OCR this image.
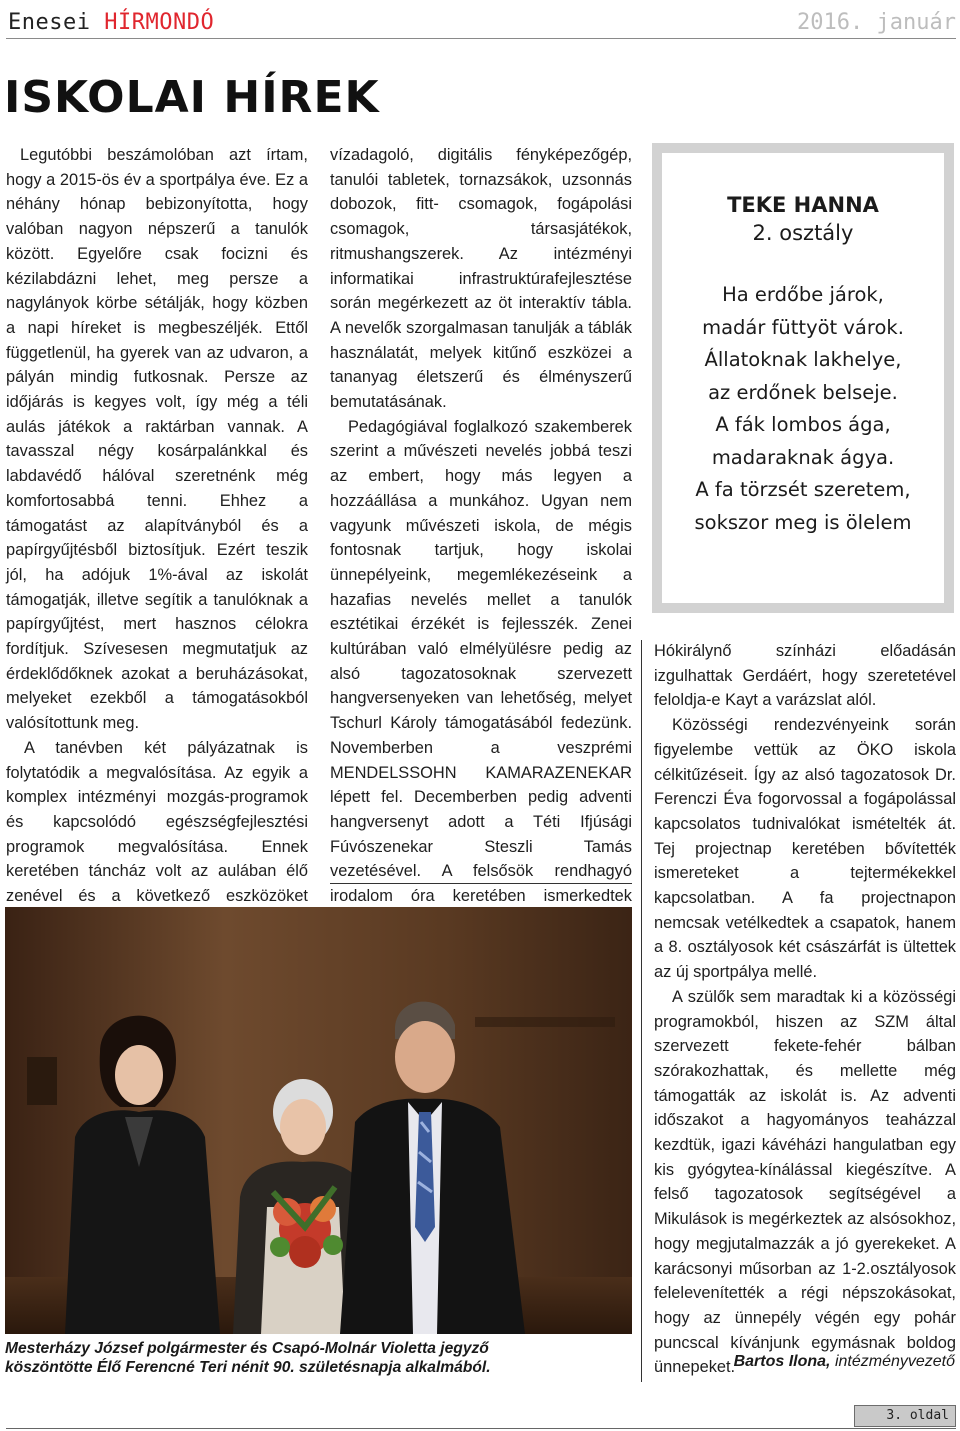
Enesei HÍRMONDÓ	2016. január
ISKOLAI HÍREK

Legutóbbi beszámolóban azt írtam, hogy a 2015-ös év a sportpálya éve. Ez a néhány hónap bebizonyította, hogy valóban nagyon népszerű a tanulók között. Egyelőre csak focizni és kézilabdázni lehet, meg persze a nagylányok körbe sétálják, hogy közben a napi híreket is megbeszéljék. Ettől függetlenül, ha gyerek van az udvaron, a pályán mindig futkosnak. Persze az időjárás is kegyes volt, így még a téli aulás játékok a raktárban vannak. A tavasszal négy kosárpalánkkal és labdavédő hálóval szeretnénk még komfortosabbá tenni. Ehhez a támogatást az alapítványból és a papírgyűjtésből biztosítjuk. Ezért teszik jól, ha adójuk 1%-ával az iskolát támogatják, illetve segítik a tanulóknak a papírgyűjtést, mert hasznos célokra fordítjuk. Szívesesen megmutatjuk az érdeklődőknek azokat a beruházásokat, melyeket ezekből a támogatásokból valósítottunk meg.

A tanévben két pályázatnak is folytatódik a megvalósítása. Az egyik a komplex intézményi mozgás-programok és kapcsolódó egészségfejlesztési programok megvalósítása. Ennek keretében táncház volt az aulában élő zenével és a következő eszközöket

vízadagoló, digitális fényképezőgép, tanulói tabletek, tornazsákok, uzsonnás dobozok, fitt- csomagok, fogápolási csomagok, társasjátékok, ritmushangszerek. Az intézményi informatikai infrastruktúrafejlesztése során megérkezett az öt interaktív tábla. A nevelők szorgalmasan tanulják a táblák használatát, melyek kitűnő eszközei a tananyag életszerű és élményszerű bemutatásának.

Pedagógiával foglalkozó szakemberek szerint a művészeti nevelés jobbá teszi az embert, hogy más legyen a hozzáállása a munkához. Ugyan nem vagyunk művészeti iskola, de mégis fontosnak tartjuk, hogy iskolai ünnepélyeink, megemlékezéseink a hazafias nevelés mellet a tanulók esztétikai érzékét is fejlesszék. Zenei kultúrában való elmélyülésre pedig az alsó tagozatosoknak szervezett hangversenyeken van lehetőség, melyet Tschurl Károly támogatásából fedezünk. Novemberben a veszprémi MENDELSSOHN KAMARAZENEKAR lépett fel. Decemberben pedig adventi hangversenyt adott a Téti Ifjúsági Fúvószenekar Steszli Tamás vezetésével. A felsősök rendhagyó irodalom óra keretében ismerkedtek

TEKE HANNA
2. osztály
Ha erdőbe járok,
madár füttyöt várok.
Állatoknak lakhelye,
az erdőnek belseje.
A fák lombos ága,
madaraknak ágya.
A fa törzsét szeretem,
sokszor meg is ölelem

Hókirálynő színházi előadásán izgulhattak Gerdáért, hogy szeretetével feloldja-e Kayt a varázslat alól.

Közösségi rendezvényeink során figyelembe vettük az ÖKO iskola célkitűzéseit. Így az alsó tagozatosok Dr. Ferenczi Éva fogorvossal a fogápolással kapcsolatos tudnivalókat ismételték át. Tej projectnap keretében bővítették ismereteket a tejtermékekkel kapcsolatban. A fa projectnapon nemcsak vetélkedtek a csapatok, hanem a 8. osztályosok két császárfát is ültettek az új sportpálya mellé.

A szülők sem maradtak ki a közösségi programokból, hiszen az SZM által szervezett fekete-fehér bálban szórakozhattak, és mellette még támogatták az iskolát is. Az adventi időszakot a hagyományos teaházzal kezdtük, igazi kávéházi hangulatban egy kis gyógytea-kínálással kiegészítve. A felső tagozatosok segítségével a Mikulások is megérkeztek az alsósokhoz, hogy megjutalmazzák a jó gyerekeket. A karácsonyi műsorban az 1-2.osztályosok felelevenítették a régi népszokásokat, hogy az ünnepély végén egy pohár puncscal kívánjunk egymásnak boldog ünnepeket.

Bartos Ilona, intézményvezető
Mesterházy József polgármester és Csapó-Molnár Violetta jegyző
köszöntötte Élő Ferencné Teri nénit 90. születésnapja alkalmából.
3. oldal
